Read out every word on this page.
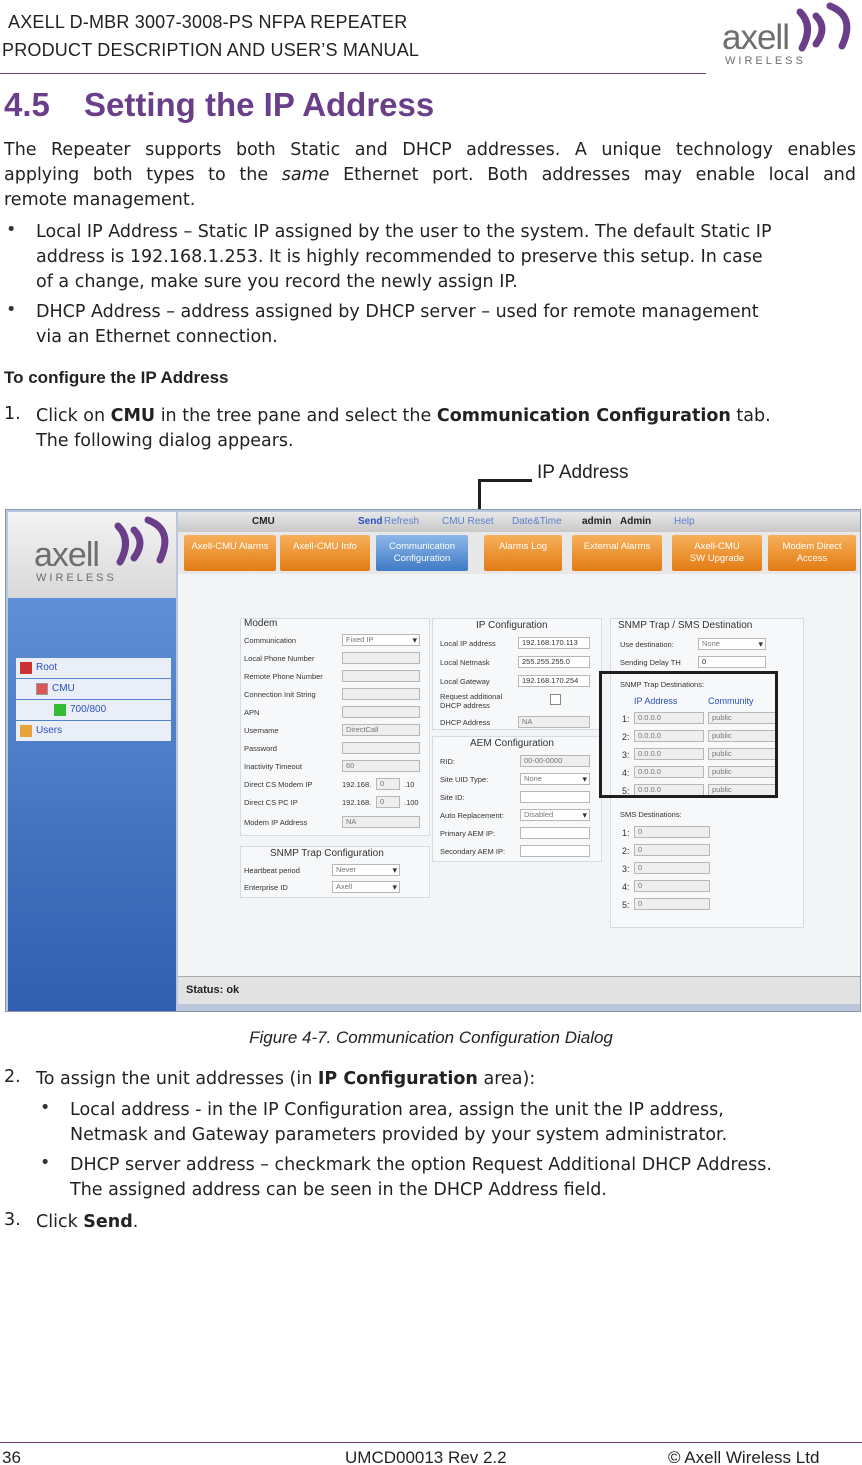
AXELL D-MBR 3007-3008-PS NFPA REPEATER
PRODUCT DESCRIPTION AND USER’S MANUAL	axell
WIRELESS
4.5 Setting the IP Address
The Repeater supports both Static and DHCP addresses. A unique technology enables
applying both types to the same Ethernet port. Both addresses may enable local and
remote management.
• Local IP Address – Static IP assigned by the user to the system. The default Static IP
address is 192.168.1.253. It is highly recommended to preserve this setup. In case
of a change, make sure you record the newly assign IP.
• DHCP Address – address assigned by DHCP server – used for remote management
via an Ethernet connection.
To configure the IP Address
1. Click on CMU in the tree pane and select the Communication Configuration tab.
The following dialog appears.
IP Address
axell
WIRELESS
Root
CMU
700/800
Users
CMU	Send Refresh CMU Reset Date&Time admin Admin Help
Axell-CMU Alarms	Axell-CMU Info	Communication
Configuration
Alarms Log	External Alarms	Axell-CMU
SW Upgrade
Modem Direct
Access
Modem
Communication	Fixed IP ▾
Local Phone Number
Remote Phone Number
Connection Init String
APN
Username	DirectCall
Password
Inactivity Timeout	60
Direct CS Modem IP	192.168.	0	.10
Direct CS PC IP	192.168.	0	.100
Modem IP Address	NA
SNMP Trap Configuration
Heartbeat period	Never ▾
Enterprise ID	Axell ▾
IP Configuration
Local IP address	192.168.170.113
Local Netmask	255.255.255.0
Local Gateway	192.168.170.254
Request additional
DHCP address
DHCP Address	NA
AEM Configuration
RID:	00-00-0000
Site UID Type:	None ▾
Site ID:
Auto Replacement:	Disabled ▾
Primary AEM IP:
Secondary AEM IP:
SNMP Trap / SMS Destination
Use destination:	None ▾
Sending Delay TH	0
SNMP Trap Destinations:
IP Address	Community
1:	0.0.0.0	public
2:	0.0.0.0	public
3:	0.0.0.0	public
4:	0.0.0.0	public
5:	0.0.0.0	public
SMS Destinations:
1:	0
2:	0
3:	0
4:	0
5:	0
Status: ok
Figure 4-7. Communication Configuration Dialog
2. To assign the unit addresses (in IP Configuration area):
• Local address - in the IP Configuration area, assign the unit the IP address,
Netmask and Gateway parameters provided by your system administrator.
• DHCP server address – checkmark the option Request Additional DHCP Address.
The assigned address can be seen in the DHCP Address field.
3. Click Send.
36	UMCD00013 Rev 2.2	© Axell Wireless Ltd
